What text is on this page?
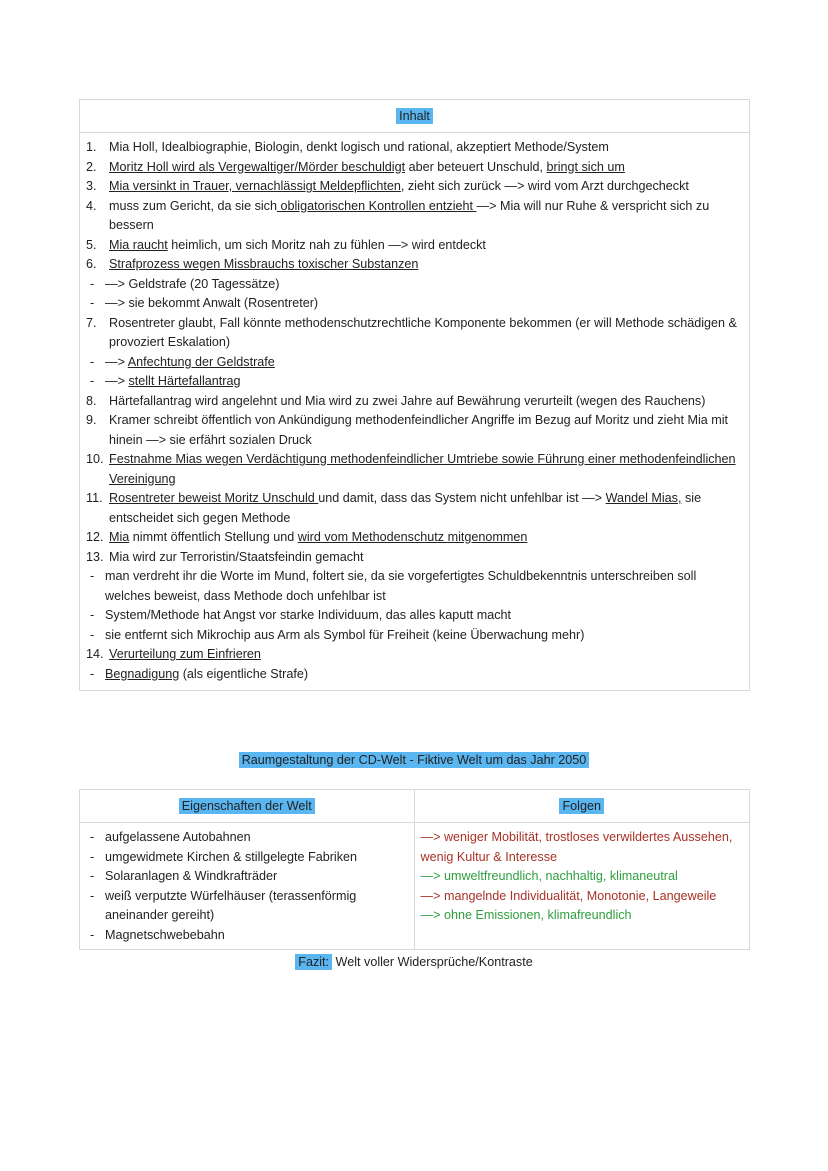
Inhalt
1. Mia Holl, Idealbiographie, Biologin, denkt logisch und rational, akzeptiert Methode/System
2. Moritz Holl wird als Vergewaltiger/Mörder beschuldigt aber beteuert Unschuld, bringt sich um
3. Mia versinkt in Trauer, vernachlässigt Meldepflichten, zieht sich zurück —> wird vom Arzt durchgecheckt
4. muss zum Gericht, da sie sich obligatorischen Kontrollen entzieht —> Mia will nur Ruhe & verspricht sich zu bessern
5. Mia raucht heimlich, um sich Moritz nah zu fühlen —> wird entdeckt
6. Strafprozess wegen Missbrauchs toxischer Substanzen
- —> Geldstrafe (20 Tagessätze)
- —> sie bekommt Anwalt (Rosentreter)
7. Rosentreter glaubt, Fall könnte methodenschutzrechtliche Komponente bekommen (er will Methode schädigen & provoziert Eskalation)
- —> Anfechtung der Geldstrafe
- —> stellt Härtefallantrag
8. Härtefallantrag wird angelehnt und Mia wird zu zwei Jahre auf Bewährung verurteilt (wegen des Rauchens)
9. Kramer schreibt öffentlich von Ankündigung methodenfeindlicher Angriffe im Bezug auf Moritz und zieht Mia mit hinein —> sie erfährt sozialen Druck
10. Festnahme Mias wegen Verdächtigung methodenfeindlicher Umtriebe sowie Führung einer methodenfeindlichen Vereinigung
11. Rosentreter beweist Moritz Unschuld und damit, dass das System nicht unfehlbar ist —> Wandel Mias, sie entscheidet sich gegen Methode
12. Mia nimmt öffentlich Stellung und wird vom Methodenschutz mitgenommen
13. Mia wird zur Terroristin/Staatsfeindin gemacht
- man verdreht ihr die Worte im Mund, foltert sie, da sie vorgefertigtes Schuldbekenntnis unterschreiben soll welches beweist, dass Methode doch unfehlbar ist
- System/Methode hat Angst vor starke Individuum, das alles kaputt macht
- sie entfernt sich Mikrochip aus Arm als Symbol für Freiheit (keine Überwachung mehr)
14. Verurteilung zum Einfrieren
- Begnadigung (als eigentliche Strafe)
Raumgestaltung der CD-Welt - Fiktive Welt um das Jahr 2050
Eigenschaften der Welt	Folgen
- aufgelassene Autobahnen
- umgewidmete Kirchen & stillgelegte Fabriken
- Solaranlagen & Windkrafträder
- weiß verputzte Würfelhäuser (terassenförmig aneinander gereiht)
- Magnetschwebebahn
—> weniger Mobilität, trostloses verwildertes Aussehen, wenig Kultur & Interesse
—> umweltfreundlich, nachhaltig, klimaneutral
—> mangelnde Individualität, Monotonie, Langeweile
—> ohne Emissionen, klimafreundlich
Fazit: Welt voller Widersprüche/Kontraste
